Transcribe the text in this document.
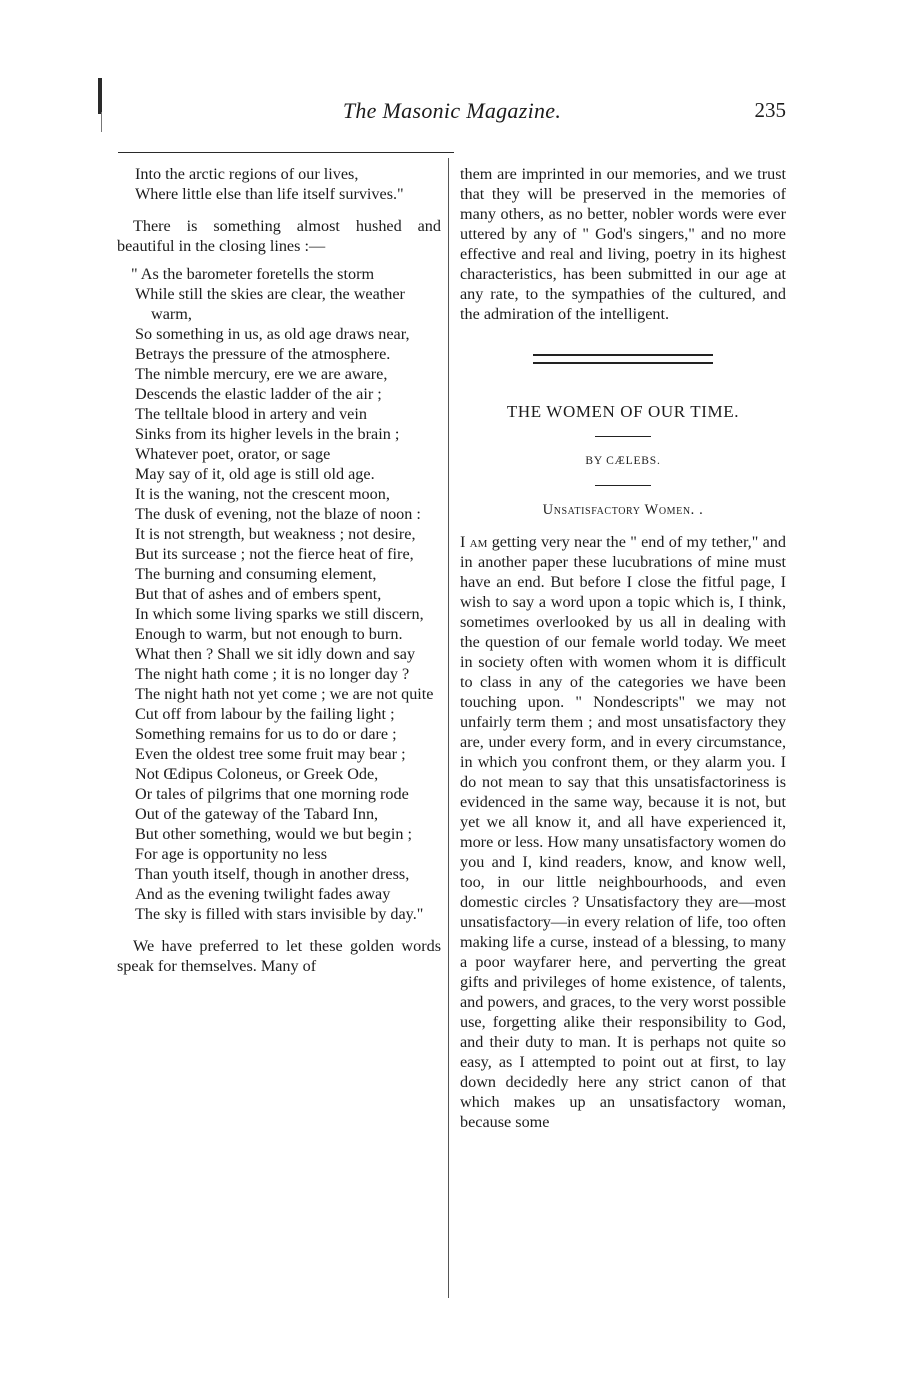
The Masonic Magazine.	235

Into the arctic regions of our lives,

Where little else than life itself survives."

There is something almost hushed and beautiful in the closing lines :—

" As the barometer foretells the storm

While still the skies are clear, the weather warm,

So something in us, as old age draws near,

Betrays the pressure of the atmosphere.

The nimble mercury, ere we are aware,

Descends the elastic ladder of the air ;

The telltale blood in artery and vein

Sinks from its higher levels in the brain ;

Whatever poet, orator, or sage

May say of it, old age is still old age.

It is the waning, not the crescent moon,

The dusk of evening, not the blaze of noon :

It is not strength, but weakness ; not desire,

But its surcease ; not the fierce heat of fire,

The burning and consuming element,

But that of ashes and of embers spent,

In which some living sparks we still discern,

Enough to warm, but not enough to burn.

What then ? Shall we sit idly down and say

The night hath come ; it is no longer day ?

The night hath not yet come ; we are not quite

Cut off from labour by the failing light ;

Something remains for us to do or dare ;

Even the oldest tree some fruit may bear ;

Not Œdipus Coloneus, or Greek Ode,

Or tales of pilgrims that one morning rode

Out of the gateway of the Tabard Inn,

But other something, would we but begin ;

For age is opportunity no less

Than youth itself, though in another dress,

And as the evening twilight fades away

The sky is filled with stars invisible by day."

We have preferred to let these golden words speak for themselves. Many of

them are imprinted in our memories, and we trust that they will be preserved in the memories of many others, as no better, nobler words were ever uttered by any of " God's singers," and no more effective and real and living, poetry in its highest characteristics, has been submitted in our age at any rate, to the sympathies of the cultured, and the admiration of the intelligent.

THE WOMEN OF OUR TIME.

BY CÆLEBS.

Unsatisfactory Women. .

I am getting very near the " end of my tether," and in another paper these lucubrations of mine must have an end. But before I close the fitful page, I wish to say a word upon a topic which is, I think, sometimes overlooked by us all in dealing with the question of our female world today. We meet in society often with women whom it is difficult to class in any of the categories we have been touching upon. " Nondescripts" we may not unfairly term them ; and most unsatisfactory they are, under every form, and in every circumstance, in which you confront them, or they alarm you. I do not mean to say that this unsatisfactoriness is evidenced in the same way, because it is not, but yet we all know it, and all have experienced it, more or less. How many unsatisfactory women do you and I, kind readers, know, and know well, too, in our little neighbourhoods, and even domestic circles ? Unsatisfactory they are—most unsatisfactory—in every relation of life, too often making life a curse, instead of a blessing, to many a poor wayfarer here, and perverting the great gifts and privileges of home existence, of talents, and powers, and graces, to the very worst possible use, forgetting alike their responsibility to God, and their duty to man. It is perhaps not quite so easy, as I attempted to point out at first, to lay down decidedly here any strict canon of that which makes up an unsatisfactory woman, because some
